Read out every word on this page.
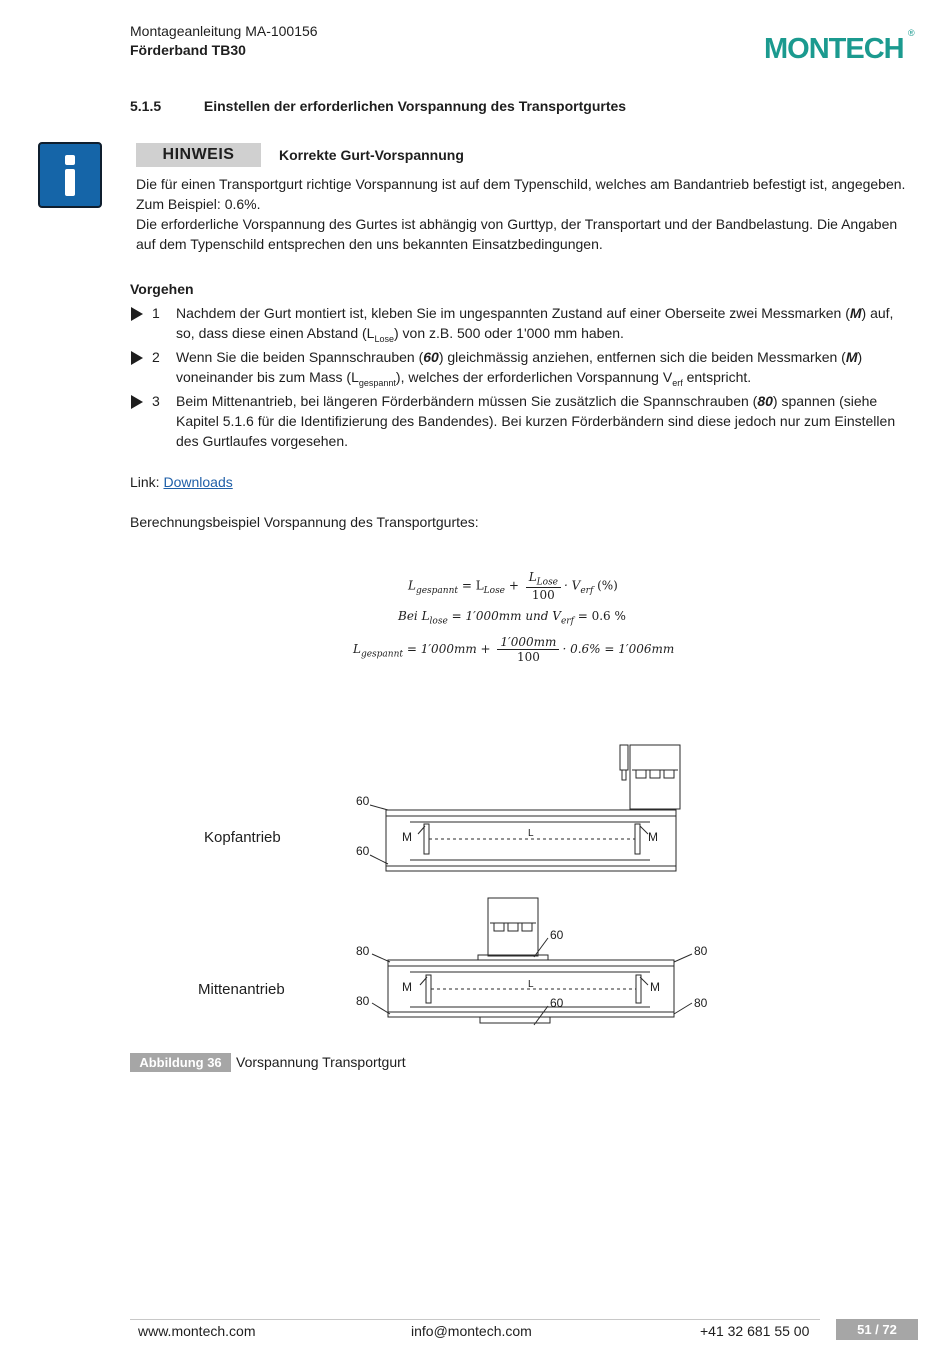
Montageanleitung MA-100156
Förderband TB30	MONTECH ®
5.1.5	Einstellen der erforderlichen Vorspannung des Transportgurtes
HINWEIS	Korrekte Gurt-Vorspannung

Die für einen Transportgurt richtige Vorspannung ist auf dem Typenschild, welches am Bandantrieb befestigt ist, angegeben. Zum Beispiel: 0.6%.

Die erforderliche Vorspannung des Gurtes ist abhängig von Gurttyp, der Transportart und der Bandbelastung. Die Angaben auf dem Typenschild entsprechen den uns bekannten Einsatzbedingungen.

Vorgehen
1 Nachdem der Gurt montiert ist, kleben Sie im ungespannten Zustand auf einer Oberseite zwei Messmarken (M) auf, so, dass diese einen Abstand $(L_{Lose})$ von z.B. 500 oder 1'000 mm haben.
2 Wenn Sie die beiden Spannschrauben (60) gleichmässig anziehen, entfernen sich die beiden Messmarken (M) voneinander bis zum Mass $(L_{gespannt})$, welches der erforderlichen Vorspannung $V_{erf}$ entspricht.
3 Beim Mittenantrieb, bei längeren Förderbändern müssen Sie zusätzlich die Spannschrauben (80) spannen (siehe Kapitel 5.1.6 für die Identifizierung des Bandendes). Bei kurzen Förderbändern sind diese jedoch nur zum Einstellen des Gurtlaufes vorgesehen.
Link: Downloads
Berechnungsbeispiel Vorspannung des Transportgurtes:
$L_{gespannt} = L_{Lose} + \frac{L_{Lose}}{100} \cdot V_{erf}$ (%)
Bei $L_{lose} = 1'000mm$ und $V_{erf} = 0.6$ %
$L_{gespannt} = 1'000mm + \frac{1'000mm}{100} \cdot 0.6\% = 1'006mm$
Kopfantrieb
Mittenantrieb
60
60
M	M
L
80
80
80
80
60
60
M	M
L
Abbildung 36	Vorspannung Transportgurt
www.montech.com	info@montech.com	+41 32 681 55 00	51 / 72
